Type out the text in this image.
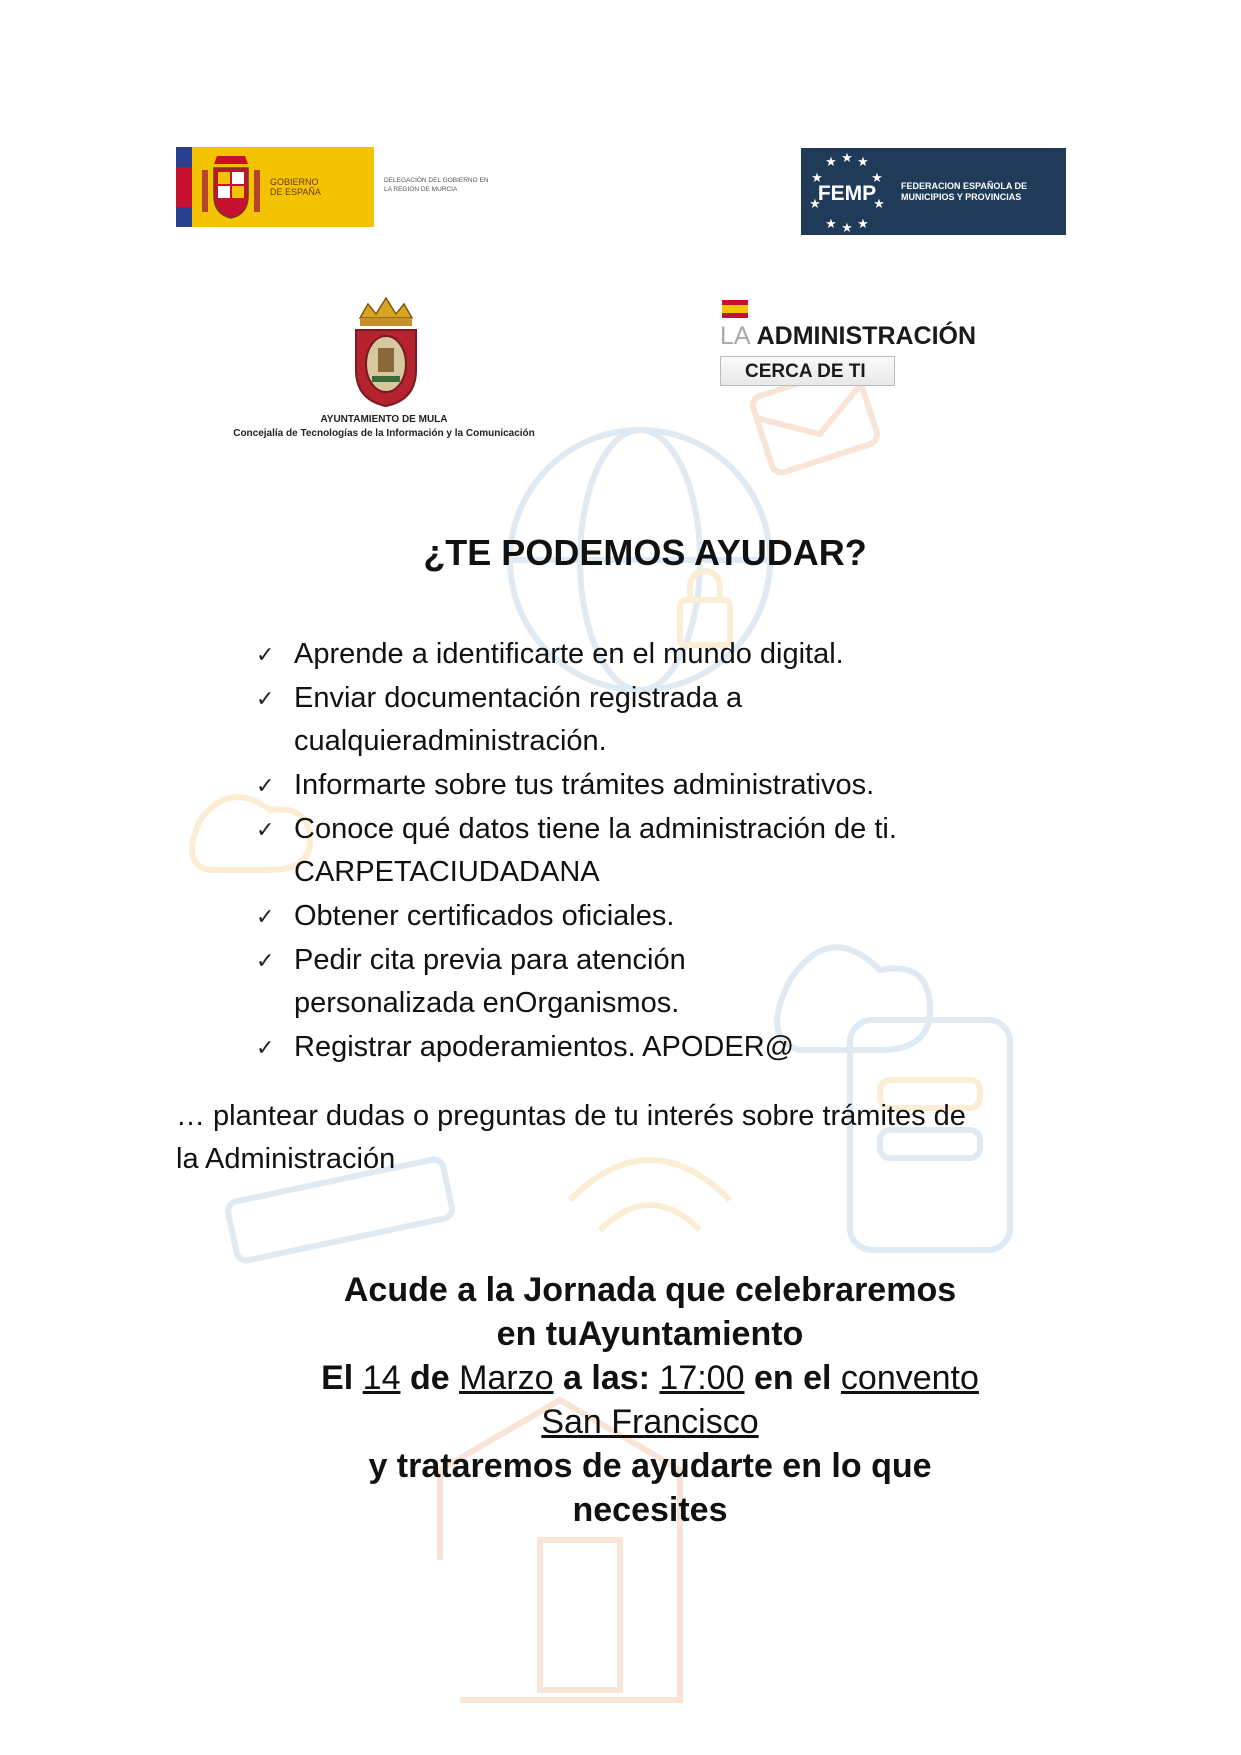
GOBIERNO
DE ESPAÑA
DELEGACIÓN DEL GOBIERNO EN
LA REGIÓN DE MURCIA
★ ★ ★
★	★
★	★
★ ★ ★
FEMP	FEDERACION ESPAÑOLA DE
MUNICIPIOS Y PROVINCIAS
AYUNTAMIENTO DE MULA
Concejalía de Tecnologías de la Información y la Comunicación
LA ADMINISTRACIÓN
CERCA DE TI
¿TE PODEMOS AYUDAR?
✓ Aprende a identificarte en el mundo digital.
✓ Enviar documentación registrada a
cualquieradministración.
✓ Informarte sobre tus trámites administrativos.
✓ Conoce qué datos tiene la administración de ti.
CARPETACIUDADANA
✓ Obtener certificados oficiales.
✓ Pedir cita previa para atención
personalizada enOrganismos.
✓ Registrar apoderamientos. APODER@
… plantear dudas o preguntas de tu interés sobre trámites de
la Administración
Acude a la Jornada que celebraremos
en tuAyuntamiento
El 14 de Marzo a las: 17:00 en el convento
San Francisco
y trataremos de ayudarte en lo que
necesites
